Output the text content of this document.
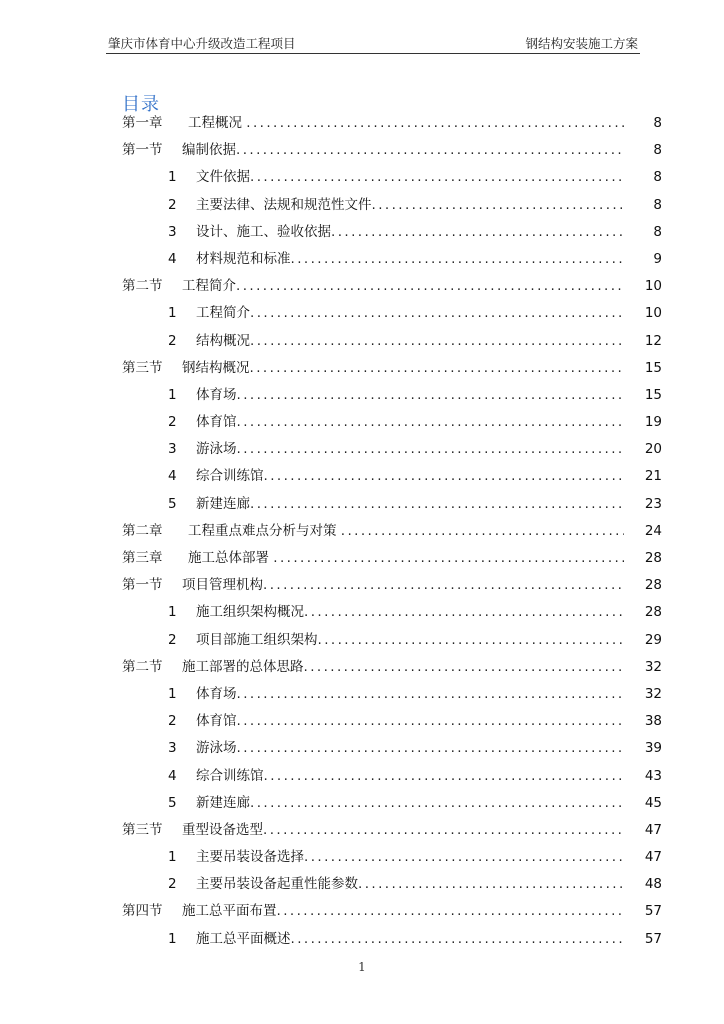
肇庆市体育中心升级改造工程项目	钢结构安装施工方案
目录
第一章	工程概况 .....	8
第一节	编制依据 .....	8
1	文件依据 .....	8
2	主要法律、法规和规范性文件 .....	8
3	设计、施工、验收依据 .....	8
4	材料规范和标准 .....	9
第二节	工程简介 .....	10
1	工程简介 .....	10
2	结构概况 .....	12
第三节	钢结构概况 .....	15
1	体育场 .....	15
2	体育馆 .....	19
3	游泳场 .....	20
4	综合训练馆 .....	21
5	新建连廊 .....	23
第二章	工程重点难点分析与对策 .....	24
第三章	施工总体部署 .....	28
第一节	项目管理机构 .....	28
1	施工组织架构概况 .....	28
2	项目部施工组织架构 .....	29
第二节	施工部署的总体思路 .....	32
1	体育场 .....	32
2	体育馆 .....	38
3	游泳场 .....	39
4	综合训练馆 .....	43
5	新建连廊 .....	45
第三节	重型设备选型 .....	47
1	主要吊装设备选择 .....	47
2	主要吊装设备起重性能参数 .....	48
第四节	施工总平面布置 .....	57
1	施工总平面概述 .....	57
1
